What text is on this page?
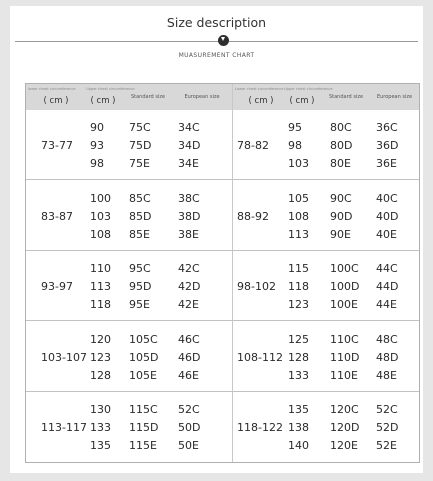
Size description
MUASUREMENT CHART
lower chest circumference
( cm )
Upper chest circumference
( cm )	Standard size	European size
Lower chest circumference
( cm )
Upper chest circumference
( cm )	Standard size	European size
73-77
90 75C 34C
93 75D 34D
98 75E	34E
78-82
95	80C 36C
98	80D 36D
103 80E 36E
83-87
100 85C 38C
103 85D 38D
108 85E	38E
88-92
105 90C 40C
108 90D 40D
113 90E 40E
93-97
110 95C 42C
113 95D 42D
118 95E	42E
98-102
115 100C 44C
118 100D 44D
123 100E 44E
103-107
120 105C 46C
123 105D 46D
128 105E 46E
108-112
125 110C 48C
128 110D 48D
133 110E 48E
113-117
130 115C 52C
133 115D 50D
135 115E 50E
118-122
135 120C 52C
138 120D 52D
140 120E 52E
